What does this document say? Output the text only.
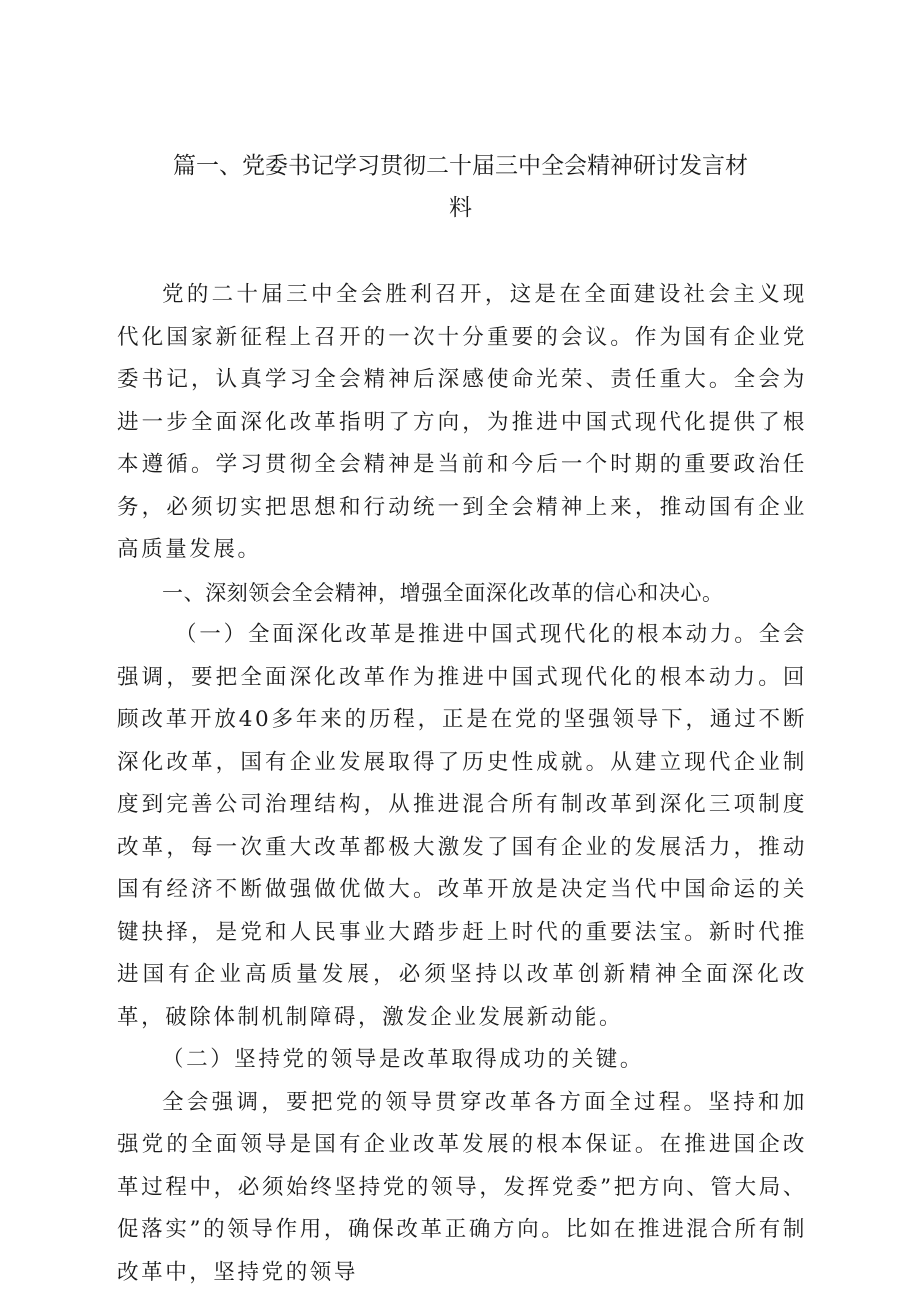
篇一、党委书记学习贯彻二十届三中全会精神研讨发言材
料

党的二十届三中全会胜利召开，这是在全面建设社会主义现代化国家新征程上召开的一次十分重要的会议。作为国有企业党委书记，认真学习全会精神后深感使命光荣、责任重大。全会为进一步全面深化改革指明了方向，为推进中国式现代化提供了根本遵循。学习贯彻全会精神是当前和今后一个时期的重要政治任务，必须切实把思想和行动统一到全会精神上来，推动国有企业高质量发展。

一、深刻领会全会精神，增强全面深化改革的信心和决心。

（一）全面深化改革是推进中国式现代化的根本动力。全会强调，要把全面深化改革作为推进中国式现代化的根本动力。回顾改革开放40多年来的历程，正是在党的坚强领导下，通过不断深化改革，国有企业发展取得了历史性成就。从建立现代企业制度到完善公司治理结构，从推进混合所有制改革到深化三项制度改革，每一次重大改革都极大激发了国有企业的发展活力，推动国有经济不断做强做优做大。改革开放是决定当代中国命运的关键抉择，是党和人民事业大踏步赶上时代的重要法宝。新时代推进国有企业高质量发展，必须坚持以改革创新精神全面深化改革，破除体制机制障碍，激发企业发展新动能。

（二）坚持党的领导是改革取得成功的关键。

全会强调，要把党的领导贯穿改革各方面全过程。坚持和加强党的全面领导是国有企业改革发展的根本保证。在推进国企改革过程中，必须始终坚持党的领导，发挥党委”把方向、管大局、促落实”的领导作用，确保改革正确方向。比如在推进混合所有制改革中，坚持党的领导
